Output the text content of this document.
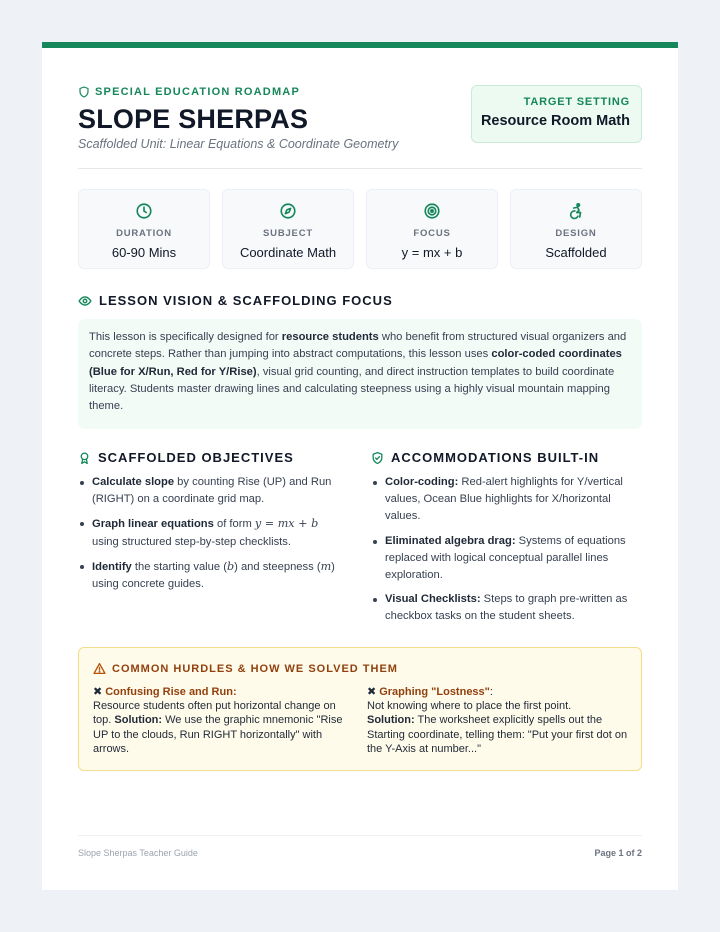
SPECIAL EDUCATION ROADMAP
SLOPE SHERPAS
Scaffolded Unit: Linear Equations & Coordinate Geometry
TARGET SETTING
Resource Room Math
DURATION
60-90 Mins
SUBJECT
Coordinate Math
FOCUS
y = mx + b
DESIGN
Scaffolded
LESSON VISION & SCAFFOLDING FOCUS
This lesson is specifically designed for resource students who benefit from structured visual organizers and concrete steps. Rather than jumping into abstract computations, this lesson uses color-coded coordinates (Blue for X/Run, Red for Y/Rise), visual grid counting, and direct instruction templates to build coordinate literacy. Students master drawing lines and calculating steepness using a highly visual mountain mapping theme.
SCAFFOLDED OBJECTIVES
Calculate slope by counting Rise (UP) and Run (RIGHT) on a coordinate grid map.
Graph linear equations of form y = mx + b using structured step-by-step checklists.
Identify the starting value (b) and steepness (m) using concrete guides.
ACCOMMODATIONS BUILT-IN
Color-coding: Red-alert highlights for Y/vertical values, Ocean Blue highlights for X/horizontal values.
Eliminated algebra drag: Systems of equations replaced with logical conceptual parallel lines exploration.
Visual Checklists: Steps to graph pre-written as checkbox tasks on the student sheets.
COMMON HURDLES & HOW WE SOLVED THEM
✖ Confusing Rise and Run:
Resource students often put horizontal change on top. Solution: We use the graphic mnemonic "Rise UP to the clouds, Run RIGHT horizontally" with arrows.
✖ Graphing "Lostness":
Not knowing where to place the first point.
Solution: The worksheet explicitly spells out the Starting coordinate, telling them: "Put your first dot on the Y-Axis at number..."
Slope Sherpas Teacher Guide	Page 1 of 2
